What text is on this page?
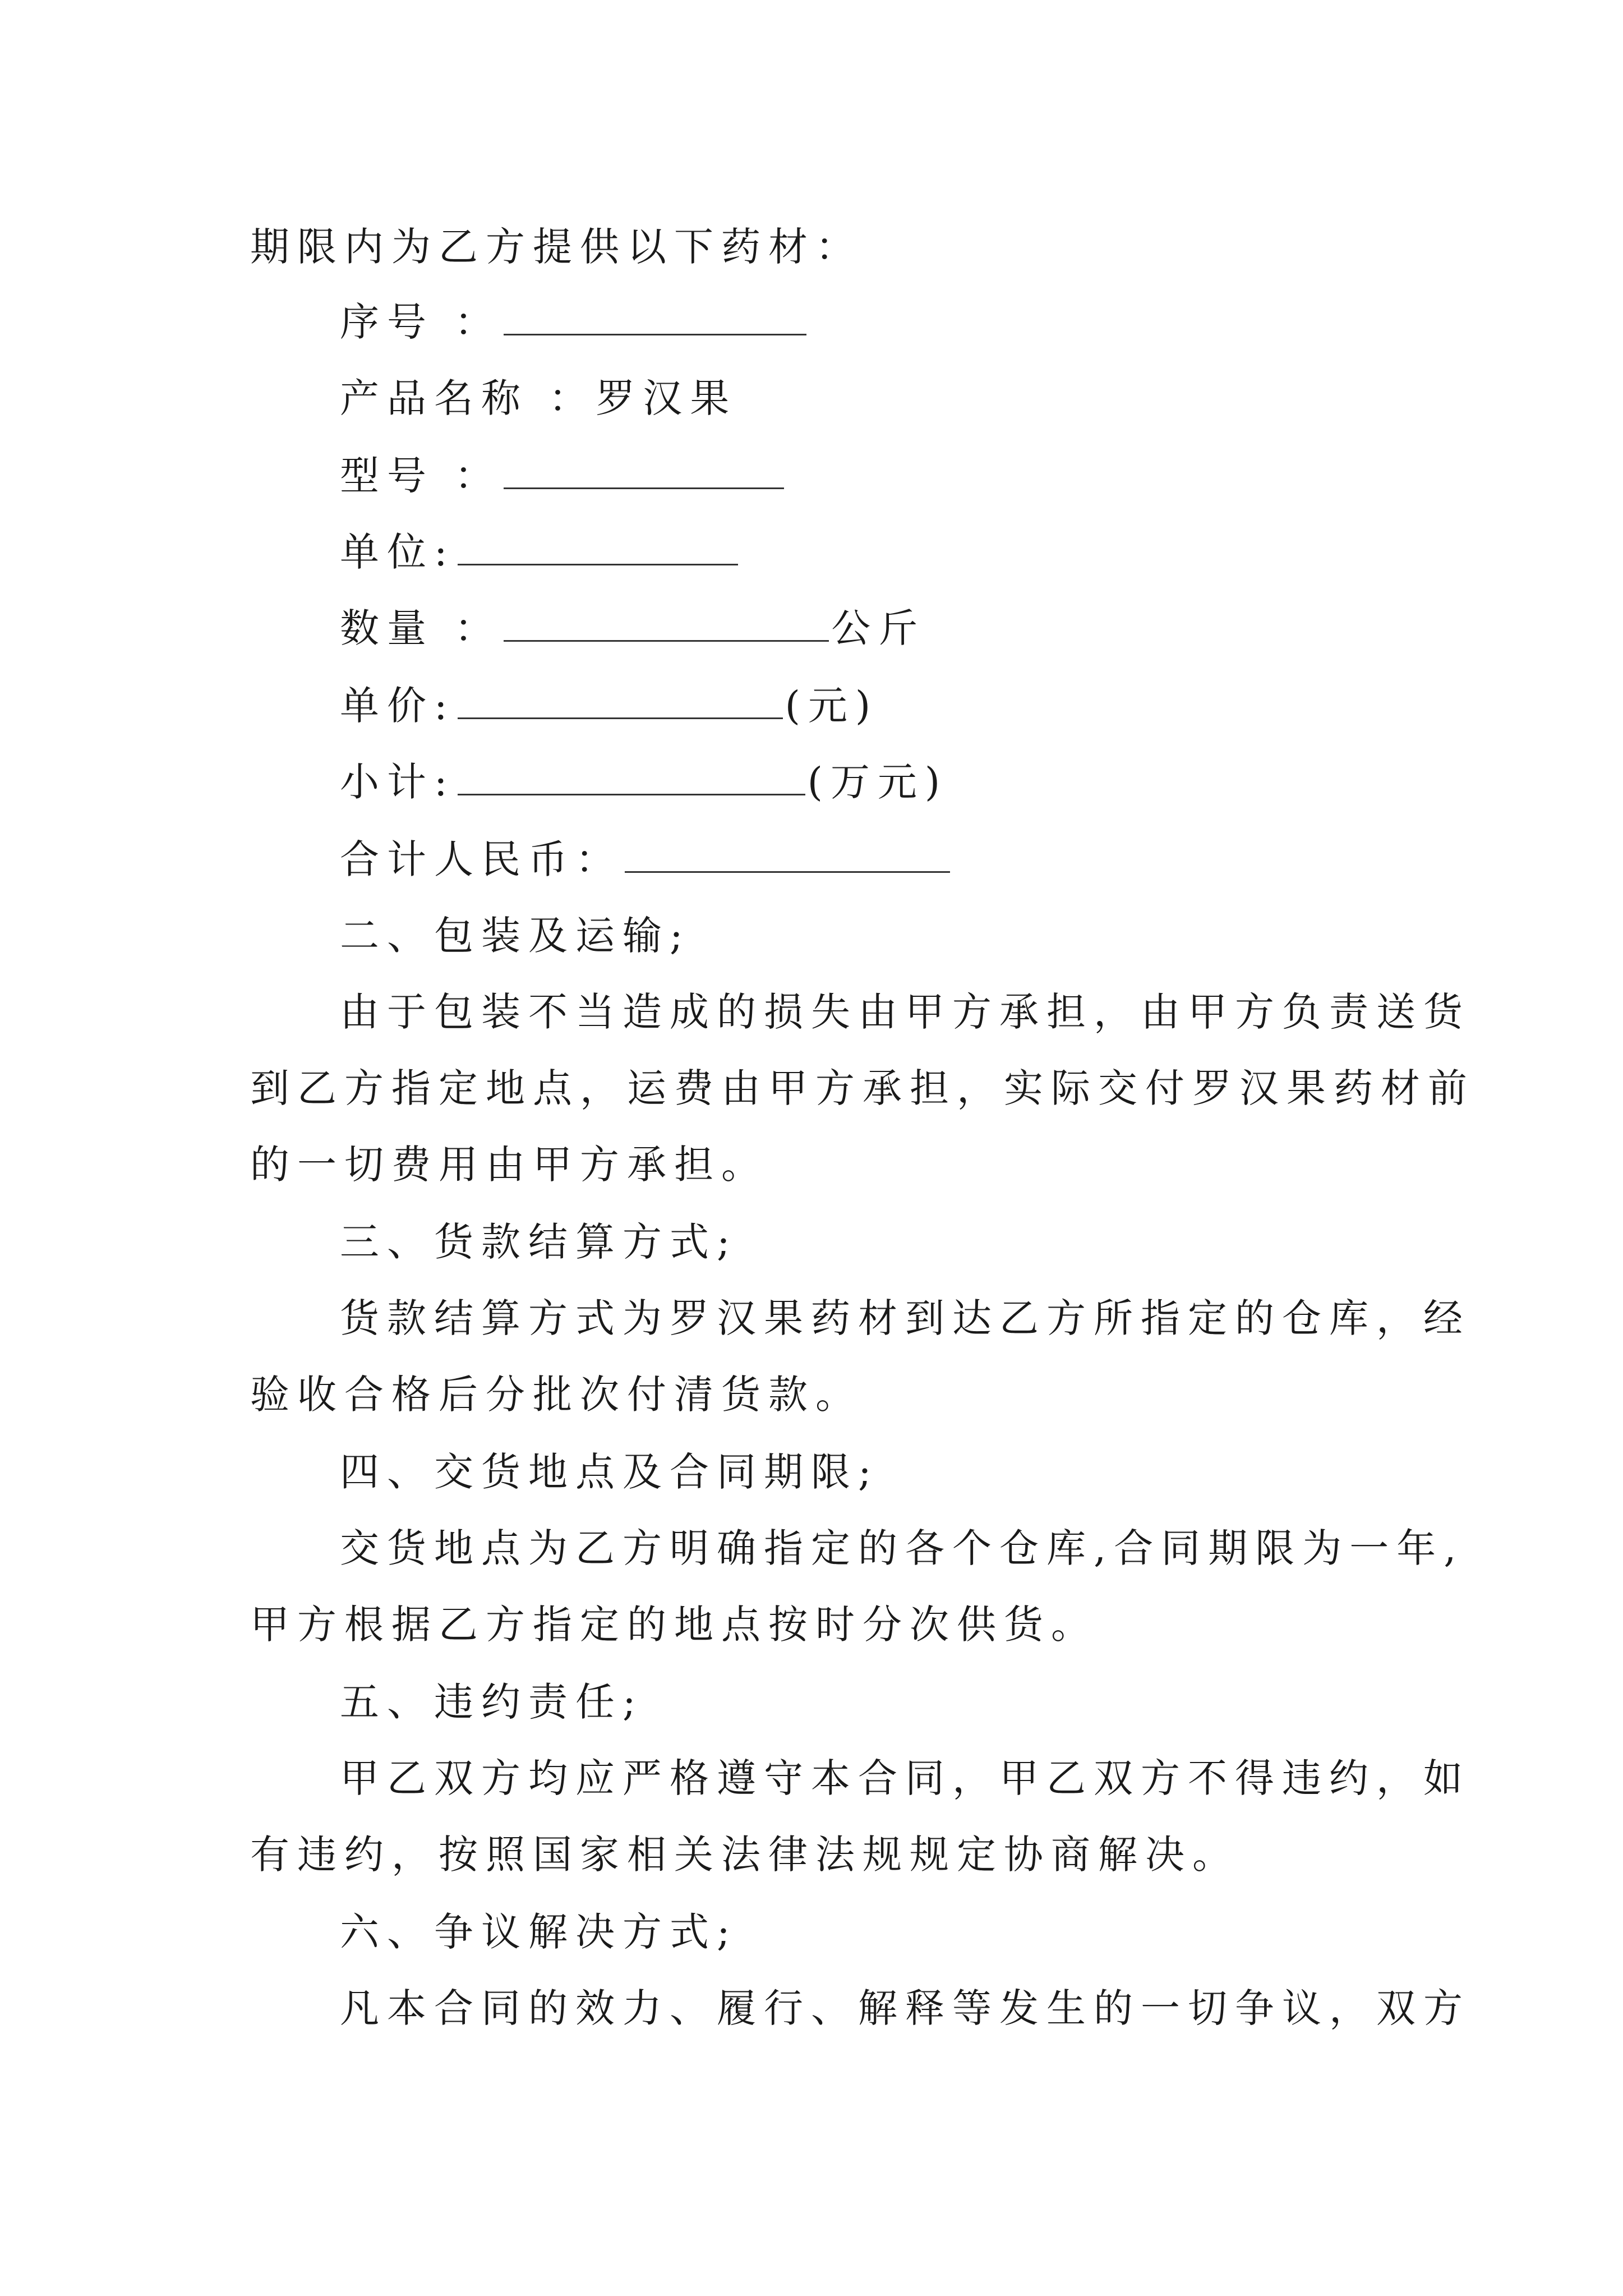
期限内为乙方提供以下药材：
序号 ：
产品名称 ：罗汉果
型号 ：
单位:
数量 ：	公斤
单价:	(元)
小计:	(万元)
合计人民币：
二、包装及运输;
由于包装不当造成的损失由甲方承担，由甲方负责送货
到乙方指定地点，运费由甲方承担，实际交付罗汉果药材前
的一切费用由甲方承担。
三、货款结算方式;
货款结算方式为罗汉果药材到达乙方所指定的仓库，经
验收合格后分批次付清货款。
四、交货地点及合同期限;
交货地点为乙方明确指定的各个仓库,合同期限为一年,
甲方根据乙方指定的地点按时分次供货。
五、违约责任;
甲乙双方均应严格遵守本合同，甲乙双方不得违约，如
有违约，按照国家相关法律法规规定协商解决。
六、争议解决方式;
凡本合同的效力、履行、解释等发生的一切争议，双方
